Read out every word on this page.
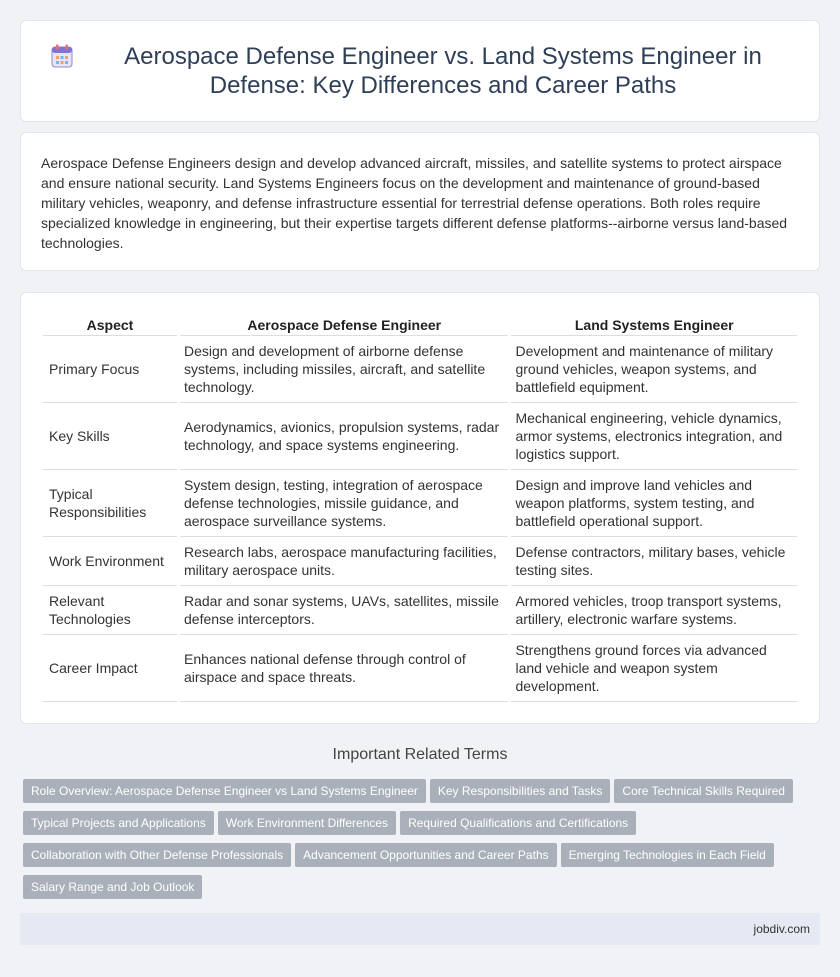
Aerospace Defense Engineer vs. Land Systems Engineer in Defense: Key Differences and Career Paths

Aerospace Defense Engineers design and develop advanced aircraft, missiles, and satellite systems to protect airspace and ensure national security. Land Systems Engineers focus on the development and maintenance of ground-based military vehicles, weaponry, and defense infrastructure essential for terrestrial defense operations. Both roles require specialized knowledge in engineering, but their expertise targets different defense platforms--airborne versus land-based technologies.

Aspect	Aerospace Defense Engineer	Land Systems Engineer
Primary Focus	Design and development of airborne defense systems, including missiles, aircraft, and satellite technology.	Development and maintenance of military ground vehicles, weapon systems, and battlefield equipment.
Key Skills	Aerodynamics, avionics, propulsion systems, radar technology, and space systems engineering.	Mechanical engineering, vehicle dynamics, armor systems, electronics integration, and logistics support.
Typical Responsibilities	System design, testing, integration of aerospace defense technologies, missile guidance, and aerospace surveillance systems.	Design and improve land vehicles and weapon platforms, system testing, and battlefield operational support.
Work Environment	Research labs, aerospace manufacturing facilities, military aerospace units.	Defense contractors, military bases, vehicle testing sites.
Relevant Technologies	Radar and sonar systems, UAVs, satellites, missile defense interceptors.	Armored vehicles, troop transport systems, artillery, electronic warfare systems.
Career Impact	Enhances national defense through control of airspace and space threats.	Strengthens ground forces via advanced land vehicle and weapon system development.

Important Related Terms

Role Overview: Aerospace Defense Engineer vs Land Systems Engineer Key Responsibilities and Tasks Core Technical Skills RequiredTypical Projects and Applications Work Environment Differences Required Qualifications and CertificationsCollaboration with Other Defense Professionals Advancement Opportunities and Career Paths Emerging Technologies in Each FieldSalary Range and Job Outlook
jobdiv.com
